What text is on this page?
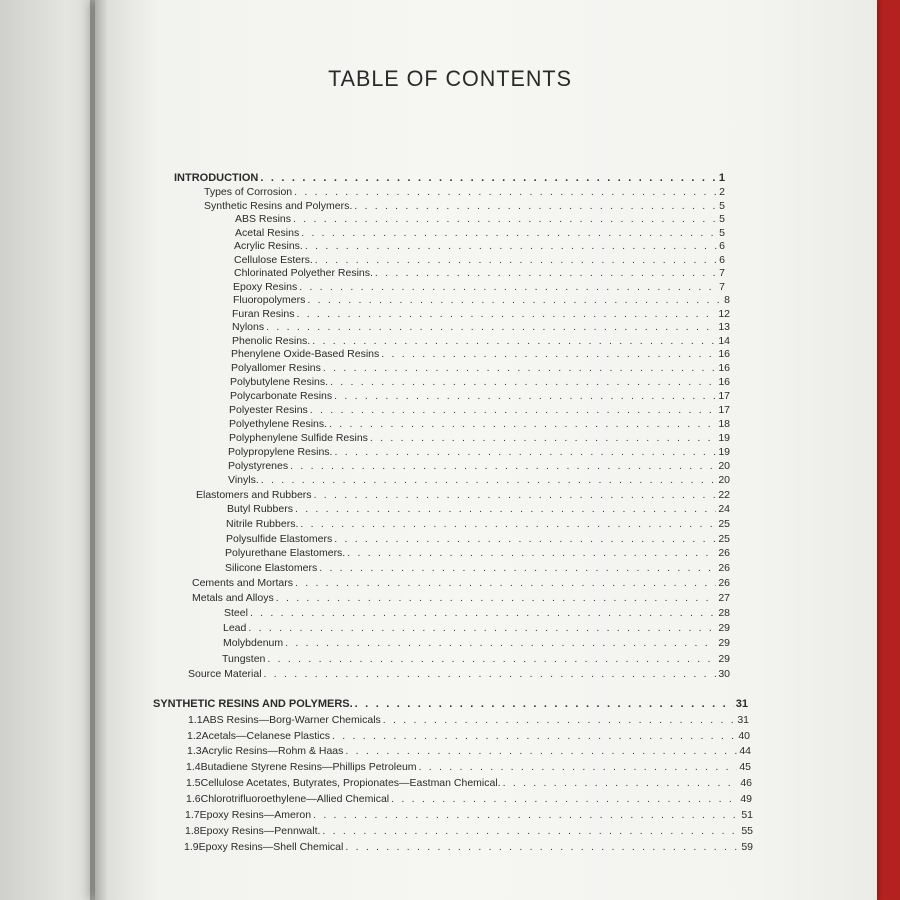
TABLE OF CONTENTS
INTRODUCTION . . .	1
Types of Corrosion . . .	2
Synthetic Resins and Polymers. . . .	5
ABS Resins . . .	5
Acetal Resins . . .	5
Acrylic Resins. . . .	6
Cellulose Esters. . . .	6
Chlorinated Polyether Resins. . . .	7
Epoxy Resins . . .	7
Fluoropolymers . . .	8
Furan Resins . . .	12
Nylons . . .	13
Phenolic Resins. . . .	14
Phenylene Oxide-Based Resins . . .	16
Polyallomer Resins . . .	16
Polybutylene Resins. . . .	16
Polycarbonate Resins . . .	17
Polyester Resins . . .	17
Polyethylene Resins. . . .	18
Polyphenylene Sulfide Resins . . .	19
Polypropylene Resins. . . .	19
Polystyrenes . . .	20
Vinyls. . . .	20
Elastomers and Rubbers . . .	22
Butyl Rubbers . . .	24
Nitrile Rubbers. . . .	25
Polysulfide Elastomers . . .	25
Polyurethane Elastomers. . . .	26
Silicone Elastomers . . .	26
Cements and Mortars . . .	26
Metals and Alloys . . .	27
Steel . . .	28
Lead . . .	29
Molybdenum . . .	29
Tungsten . . .	29
Source Material . . .	30
SYNTHETIC RESINS AND POLYMERS. . . .	31
1.1 ABS Resins—Borg-Warner Chemicals . . .	31
1.2 Acetals—Celanese Plastics . . .	40
1.3 Acrylic Resins—Rohm & Haas . . .	44
1.4 Butadiene Styrene Resins—Phillips Petroleum . . .	45
1.5 Cellulose Acetates, Butyrates, Propionates—Eastman Chemical. . . .	46
1.6 Chlorotrifluoroethylene—Allied Chemical . . .	49
1.7 Epoxy Resins—Ameron . . .	51
1.8 Epoxy Resins—Pennwalt. . . .	55
1.9 Epoxy Resins—Shell Chemical . . .	59
